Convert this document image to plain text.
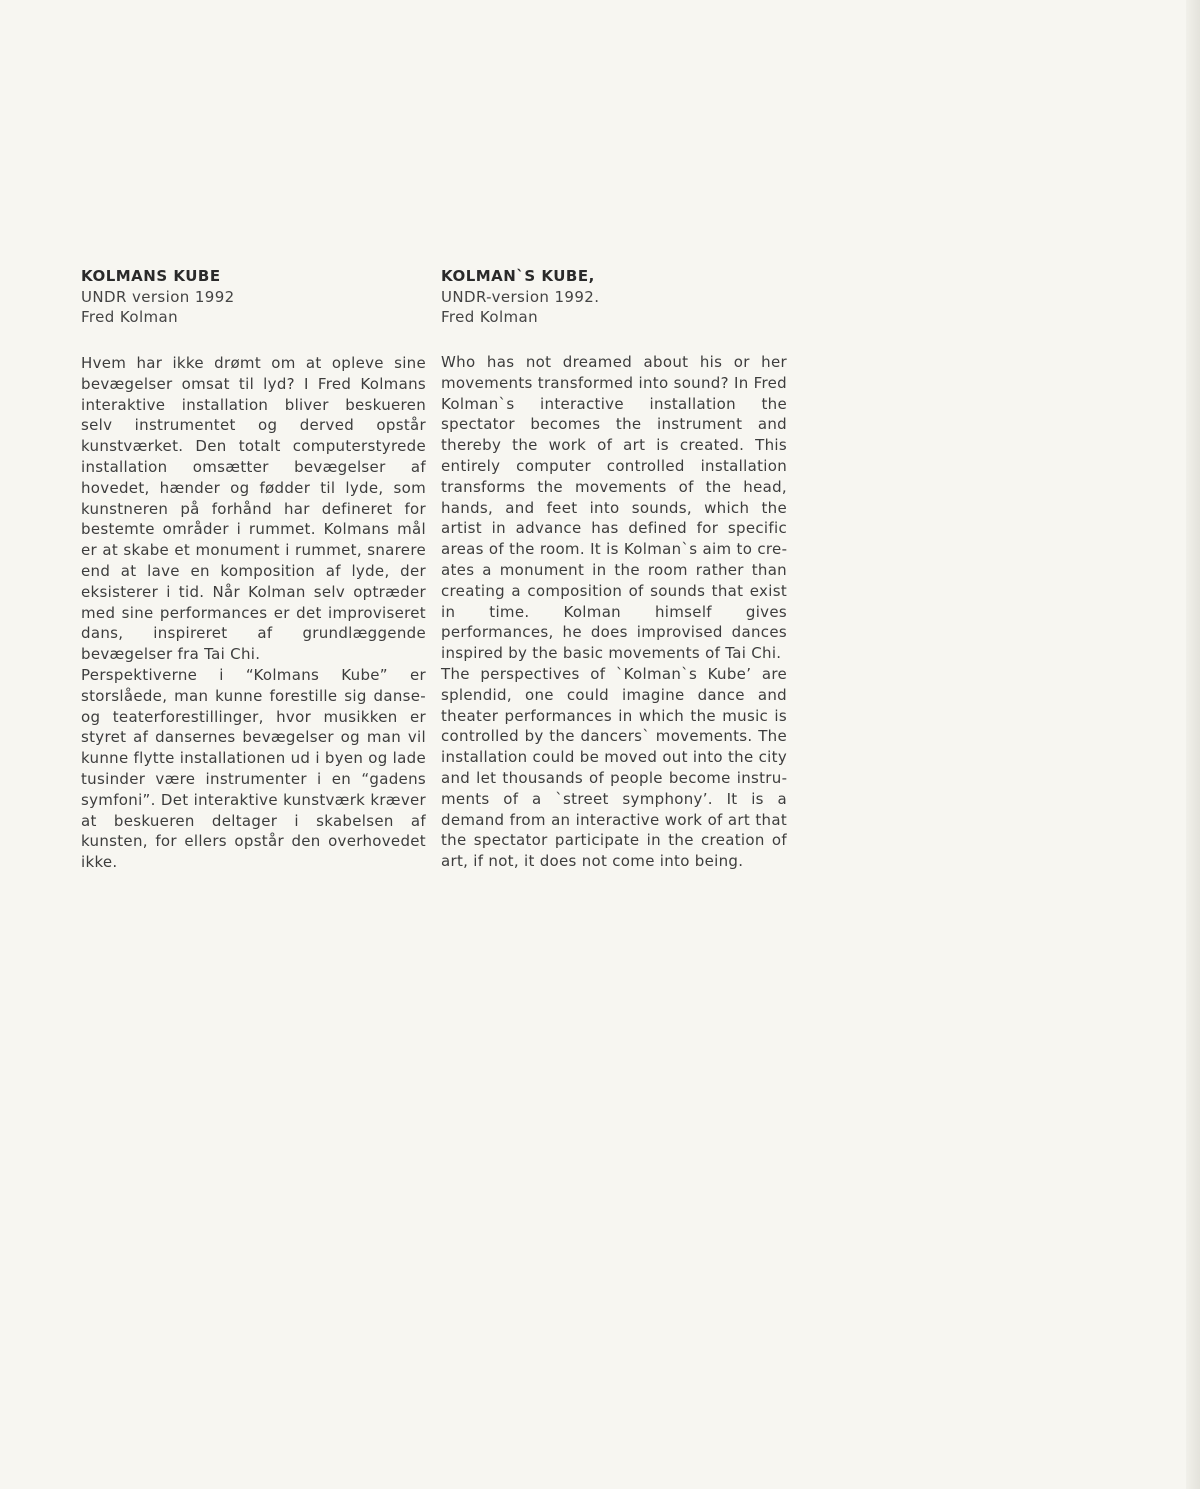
KOLMANS KUBE

UNDR version 1992

Fred Kolman

Hvem har ikke drømt om at opleve sine bevægelser omsat til lyd? I Fred Kolmans interaktive installation bliver beskueren selv instrumentet og derved opstår kunstværket. Den totalt computerstyrede installation omsætter bevægelser af hovedet, hænder og fødder til lyde, som kunstneren på forhånd har defineret for bestemte områder i rummet. Kolmans mål er at skabe et monument i rummet, snarere end at lave en komposition af lyde, der eksisterer i tid. Når Kolman selv optræder med sine performances er det improviseret dans, inspireret af grundlæggende bevægelser fra Tai Chi.

Perspektiverne i “Kolmans Kube” er storslåede, man kunne forestille sig danse- og teaterforestillinger, hvor musikken er styret af dansernes bevægelser og man vil kunne flytte installationen ud i byen og lade tusinder være instrumenter i en “gadens symfoni”. Det interaktive kunstværk kræver at beskueren deltager i skabelsen af kunsten, for ellers opstår den overhovedet ikke.

KOLMAN`S KUBE,

UNDR-version 1992.

Fred Kolman

Who has not dreamed about his or her movements transformed into sound? In Fred Kolman`s interactive installation the spectator becomes the instrument and thereby the work of art is created. This entirely computer controlled installation transforms the movements of the head, hands, and feet into sounds, which the artist in advance has defined for specific areas of the room. It is Kolman`s aim to creates a monument in the room rather than creating a composition of sounds that exist in time. Kolman himself gives performances, he does improvised dances inspired by the basic movements of Tai Chi.

The perspectives of `Kolman`s Kube’ are splendid, one could imagine dance and theater performances in which the music is controlled by the dancers` movements. The installation could be moved out into the city and let thousands of people become instruments of a `street symphony’. It is a demand from an interactive work of art that the spectator participate in the creation of art, if not, it does not come into being.
